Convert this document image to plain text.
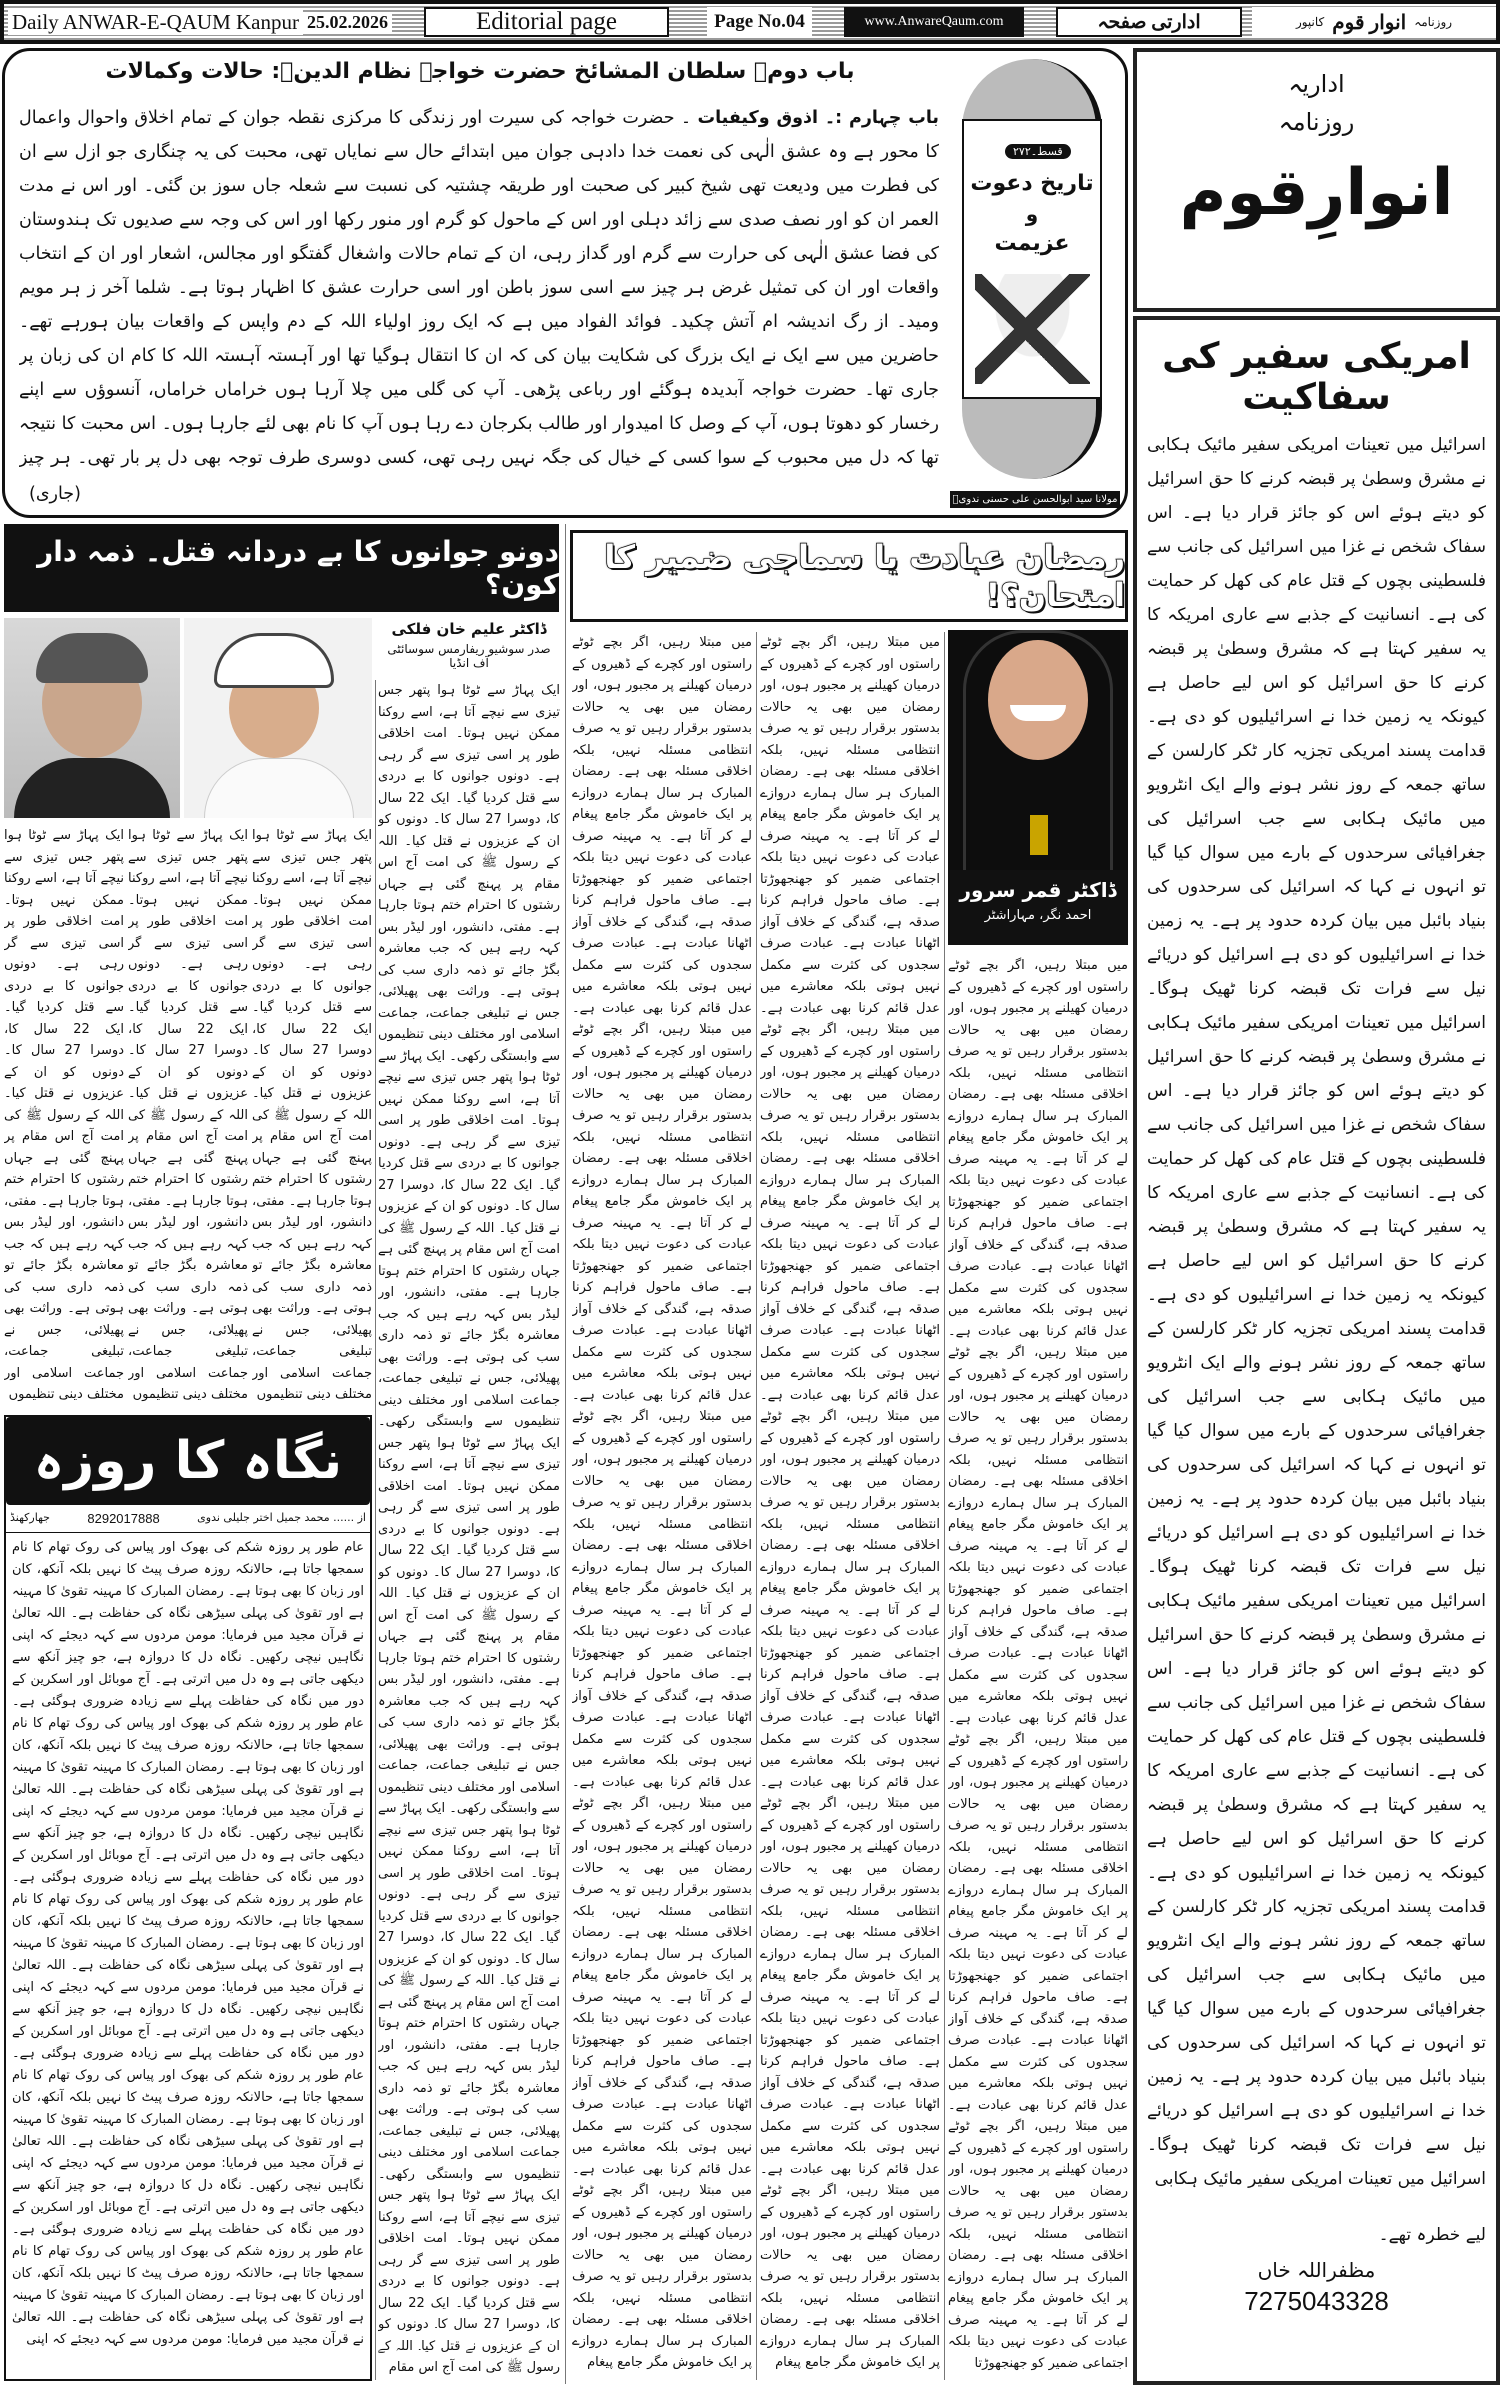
Daily ANWAR-E-QAUM Kanpur 25.02.2026	Editorial page	Page No.04	www.AnwareQaum.com	ادارتی صفحہ	روزنامہ
انوار قوم
کانپور
اداریہ
روزنامہ
انوارِقوم
امریکی سفیر کی سفاکیت
اسرائیل میں تعینات امریکی سفیر مائیک ہکابی نے مشرق وسطیٰ پر قبضہ کرنے کا حق اسرائیل کو دیتے ہوئے اس کو جائز قرار دیا ہے۔ اس سفاک شخص نے غزا میں اسرائیل کی جانب سے فلسطینی بچوں کے قتل عام کی کھل کر حمایت کی ہے۔ انسانیت کے جذبے سے عاری امریکہ کا یہ سفیر کہتا ہے کہ مشرق وسطیٰ پر قبضہ کرنے کا حق اسرائیل کو اس لیے حاصل ہے کیونکہ یہ زمین خدا نے اسرائیلیوں کو دی ہے۔ قدامت پسند امریکی تجزیہ کار ٹکر کارلسن کے ساتھ جمعہ کے روز نشر ہونے والے ایک انٹرویو میں مائیک ہکابی سے جب اسرائیل کی جغرافیائی سرحدوں کے بارے میں سوال کیا گیا تو انہوں نے کہا کہ اسرائیل کی سرحدوں کی بنیاد بائبل میں بیان کردہ حدود پر ہے۔ یہ زمین خدا نے اسرائیلیوں کو دی ہے اسرائیل کو دریائے نیل سے فرات تک قبضہ کرنا ٹھیک ہوگا۔ اسرائیل میں تعینات امریکی سفیر مائیک ہکابی نے مشرق وسطیٰ پر قبضہ کرنے کا حق اسرائیل کو دیتے ہوئے اس کو جائز قرار دیا ہے۔ اس سفاک شخص نے غزا میں اسرائیل کی جانب سے فلسطینی بچوں کے قتل عام کی کھل کر حمایت کی ہے۔ انسانیت کے جذبے سے عاری امریکہ کا یہ سفیر کہتا ہے کہ مشرق وسطیٰ پر قبضہ کرنے کا حق اسرائیل کو اس لیے حاصل ہے کیونکہ یہ زمین خدا نے اسرائیلیوں کو دی ہے۔ قدامت پسند امریکی تجزیہ کار ٹکر کارلسن کے ساتھ جمعہ کے روز نشر ہونے والے ایک انٹرویو میں مائیک ہکابی سے جب اسرائیل کی جغرافیائی سرحدوں کے بارے میں سوال کیا گیا تو انہوں نے کہا کہ اسرائیل کی سرحدوں کی بنیاد بائبل میں بیان کردہ حدود پر ہے۔ یہ زمین خدا نے اسرائیلیوں کو دی ہے اسرائیل کو دریائے نیل سے فرات تک قبضہ کرنا ٹھیک ہوگا۔ اسرائیل میں تعینات امریکی سفیر مائیک ہکابی نے مشرق وسطیٰ پر قبضہ کرنے کا حق اسرائیل کو دیتے ہوئے اس کو جائز قرار دیا ہے۔ اس سفاک شخص نے غزا میں اسرائیل کی جانب سے فلسطینی بچوں کے قتل عام کی کھل کر حمایت کی ہے۔ انسانیت کے جذبے سے عاری امریکہ کا یہ سفیر کہتا ہے کہ مشرق وسطیٰ پر قبضہ کرنے کا حق اسرائیل کو اس لیے حاصل ہے کیونکہ یہ زمین خدا نے اسرائیلیوں کو دی ہے۔ قدامت پسند امریکی تجزیہ کار ٹکر کارلسن کے ساتھ جمعہ کے روز نشر ہونے والے ایک انٹرویو میں مائیک ہکابی سے جب اسرائیل کی جغرافیائی سرحدوں کے بارے میں سوال کیا گیا تو انہوں نے کہا کہ اسرائیل کی سرحدوں کی بنیاد بائبل میں بیان کردہ حدود پر ہے۔ یہ زمین خدا نے اسرائیلیوں کو دی ہے اسرائیل کو دریائے نیل سے فرات تک قبضہ کرنا ٹھیک ہوگا۔ اسرائیل میں تعینات امریکی سفیر مائیک ہکابی
لیے خطرہ تھے۔
مظفراللہ خاں
7275043328
باب دوم۔ سلطان المشائخ حضرت خواجہ نظام الدینؒ: حالات وکمالات
باب چہارم :۔ اذوق وکیفیات ۔ حضرت خواجہ کی سیرت اور زندگی کا مرکزی نقطہ جوان کے تمام اخلاق واحوال واعمال کا محور ہے وہ عشق الٰہی کی نعمت خدا دادہی جوان میں ابتدائے حال سے نمایاں تھی، محبت کی یہ چنگاری جو ازل سے ان کی فطرت میں ودیعت تھی شیخ کبیر کی صحبت اور طریقہ چشتیہ کی نسبت سے شعلہ جاں سوز بن گئی۔ اور اس نے مدت العمر ان کو اور نصف صدی سے زائد دہلی اور اس کے ماحول کو گرم اور منور رکھا اور اس کی وجہ سے صدیوں تک ہندوستان کی فضا عشق الٰہی کی حرارت سے گرم اور گداز رہی، ان کے تمام حالات واشغال گفتگو اور مجالس، اشعار اور ان کے انتخاب واقعات اور ان کی تمثیل غرض ہر چیز سے اسی سوز باطن اور اسی حرارت عشق کا اظہار ہوتا ہے۔ شلما آخر ز ہر مویم ومید۔ از رگ اندیشہ ام آتش چکید۔ فوائد الفواد میں ہے کہ ایک روز اولیاء اللہ کے دم واپس کے واقعات بیان ہورہے تھے۔ حاضرین میں سے ایک نے ایک بزرگ کی شکایت بیان کی کہ ان کا انتقال ہوگیا تھا اور آہستہ آہستہ اللہ کا کام ان کی زبان پر جاری تھا۔ حضرت خواجہ آبدیدہ ہوگئے اور رباعی پڑھی۔ آپ کی گلی میں چلا آرہا ہوں خراماں خراماں، آنسوؤں سے اپنے رخسار کو دھوتا ہوں، آپ کے وصل کا امیدوار اور طالب بکرجان دے رہا ہوں آپ کا نام بھی لئے جارہا ہوں۔ اس محبت کا نتیجہ تھا کہ دل میں محبوب کے سوا کسی کے خیال کی جگہ نہیں رہی تھی، کسی دوسری طرف توجہ بھی دل پر بار تھی۔ ہر چیز
(جاری)
قسط۔۲۷۲
تاریخ دعوت
و
عزیمت
مولانا سید ابوالحسن علی حسنی ندویؒ
دونو جوانوں کا بے دردانہ قتل۔ ذمہ دار کون؟
ڈاکٹر علیم خان فلکی
صدر سوشیو ریفارمس سوسائٹی آف انڈیا
ایک پہاڑ سے ٹوٹا ہوا پتھر جس تیزی سے نیچے آتا ہے، اسے روکنا ممکن نہیں ہوتا۔ امت اخلاقی طور پر اسی تیزی سے گر رہی ہے۔ دونوں جوانوں کا بے دردی سے قتل کردیا گیا۔ ایک 22 سال کا، دوسرا 27 سال کا۔ دونوں کو ان کے عزیزوں نے قتل کیا۔ اللہ کے رسول ﷺ کی امت آج اس مقام پر پہنچ گئی ہے جہاں رشتوں کا احترام ختم ہوتا جارہا ہے۔ مفتی، دانشور، اور لیڈر بس کہہ رہے ہیں کہ جب معاشرہ بگڑ جائے تو ذمہ داری سب کی ہوتی ہے۔ وراثت بھی پھیلائی، جس نے تبلیغی جماعت، جماعت اسلامی اور مختلف دینی تنظیموں سے وابستگی رکھی۔ ایک پہاڑ سے ٹوٹا ہوا پتھر جس تیزی سے نیچے آتا ہے، اسے روکنا ممکن نہیں ہوتا۔ امت اخلاقی طور پر اسی تیزی سے گر رہی ہے۔ دونوں جوانوں کا بے دردی سے قتل کردیا گیا۔ ایک 22 سال کا، دوسرا 27 سال کا۔ دونوں کو ان کے عزیزوں نے قتل کیا۔ اللہ کے رسول ﷺ کی امت آج اس مقام پر پہنچ گئی ہے جہاں رشتوں کا احترام ختم ہوتا جارہا ہے۔ مفتی، دانشور، اور لیڈر بس کہہ رہے ہیں کہ جب معاشرہ بگڑ جائے تو ذمہ داری سب کی ہوتی ہے۔ وراثت بھی پھیلائی، جس نے تبلیغی جماعت، جماعت اسلامی اور مختلف دینی تنظیموں سے وابستگی رکھی۔ ایک پہاڑ سے ٹوٹا ہوا پتھر جس تیزی سے نیچے آتا ہے، اسے روکنا ممکن نہیں ہوتا۔ امت اخلاقی طور پر اسی تیزی سے گر رہی ہے۔ دونوں جوانوں کا بے دردی سے قتل کردیا گیا۔ ایک 22 سال کا، دوسرا 27 سال کا۔ دونوں کو ان کے عزیزوں نے قتل کیا۔ اللہ کے رسول ﷺ کی امت آج اس مقام پر پہنچ گئی ہے جہاں رشتوں کا احترام ختم ہوتا جارہا ہے۔ مفتی، دانشور، اور لیڈر بس کہہ رہے ہیں کہ جب معاشرہ بگڑ جائے تو ذمہ داری سب کی ہوتی ہے۔ وراثت بھی پھیلائی، جس نے تبلیغی جماعت، جماعت اسلامی اور مختلف دینی تنظیموں سے وابستگی رکھی۔ ایک پہاڑ سے ٹوٹا ہوا پتھر جس تیزی سے نیچے آتا ہے، اسے روکنا ممکن نہیں ہوتا۔ امت اخلاقی طور پر اسی تیزی سے گر رہی ہے۔ دونوں جوانوں کا بے دردی سے قتل کردیا گیا۔ ایک 22 سال کا، دوسرا 27 سال کا۔ دونوں کو ان کے عزیزوں نے قتل کیا۔ اللہ کے رسول ﷺ کی امت آج اس مقام پر پہنچ گئی ہے جہاں رشتوں کا احترام ختم ہوتا جارہا ہے۔ مفتی، دانشور، اور لیڈر بس کہہ رہے ہیں کہ جب معاشرہ بگڑ جائے تو ذمہ داری سب کی ہوتی ہے۔ وراثت بھی پھیلائی، جس نے تبلیغی جماعت، جماعت اسلامی اور مختلف دینی تنظیموں سے وابستگی رکھی۔ ایک پہاڑ سے ٹوٹا ہوا پتھر جس تیزی سے نیچے آتا ہے، اسے روکنا ممکن نہیں ہوتا۔ امت اخلاقی طور پر اسی تیزی سے گر رہی ہے۔ دونوں جوانوں کا بے دردی سے قتل کردیا گیا۔ ایک 22 سال کا، دوسرا 27 سال کا۔ دونوں کو ان کے عزیزوں نے قتل کیا۔ اللہ کے رسول ﷺ کی امت آج اس مقام
ایک پہاڑ سے ٹوٹا ہوا پتھر جس تیزی سے نیچے آتا ہے، اسے روکنا ممکن نہیں ہوتا۔ امت اخلاقی طور پر اسی تیزی سے گر رہی ہے۔ دونوں جوانوں کا بے دردی سے قتل کردیا گیا۔ ایک 22 سال کا، دوسرا 27 سال کا۔ دونوں کو ان کے عزیزوں نے قتل کیا۔ اللہ کے رسول ﷺ کی امت آج اس مقام پر پہنچ گئی ہے جہاں رشتوں کا احترام ختم ہوتا جارہا ہے۔ مفتی، دانشور، اور لیڈر بس کہہ رہے ہیں کہ جب معاشرہ بگڑ جائے تو ذمہ داری سب کی ہوتی ہے۔ وراثت بھی پھیلائی، جس نے تبلیغی جماعت، جماعت اسلامی اور مختلف دینی تنظیموں
ایک پہاڑ سے ٹوٹا ہوا پتھر جس تیزی سے نیچے آتا ہے، اسے روکنا ممکن نہیں ہوتا۔ امت اخلاقی طور پر اسی تیزی سے گر رہی ہے۔ دونوں جوانوں کا بے دردی سے قتل کردیا گیا۔ ایک 22 سال کا، دوسرا 27 سال کا۔ دونوں کو ان کے عزیزوں نے قتل کیا۔ اللہ کے رسول ﷺ کی امت آج اس مقام پر پہنچ گئی ہے جہاں رشتوں کا احترام ختم ہوتا جارہا ہے۔ مفتی، دانشور، اور لیڈر بس کہہ رہے ہیں کہ جب معاشرہ بگڑ جائے تو ذمہ داری سب کی ہوتی ہے۔ وراثت بھی پھیلائی، جس نے تبلیغی جماعت، جماعت اسلامی اور مختلف دینی تنظیموں
ایک پہاڑ سے ٹوٹا ہوا پتھر جس تیزی سے نیچے آتا ہے، اسے روکنا ممکن نہیں ہوتا۔ امت اخلاقی طور پر اسی تیزی سے گر رہی ہے۔ دونوں جوانوں کا بے دردی سے قتل کردیا گیا۔ ایک 22 سال کا، دوسرا 27 سال کا۔ دونوں کو ان کے عزیزوں نے قتل کیا۔ اللہ کے رسول ﷺ کی امت آج اس مقام پر پہنچ گئی ہے جہاں رشتوں کا احترام ختم ہوتا جارہا ہے۔ مفتی، دانشور، اور لیڈر بس کہہ رہے ہیں کہ جب معاشرہ بگڑ جائے تو ذمہ داری سب کی ہوتی ہے۔ وراثت بھی پھیلائی، جس نے تبلیغی جماعت، جماعت اسلامی اور مختلف دینی تنظیموں
نگاہ کا روزہ
از ...... محمد جمیل اختر جلیلی ندوی
8292017888
جھارکھنڈ
عام طور پر روزہ شکم کی بھوک اور پیاس کی روک تھام کا نام سمجھا جاتا ہے، حالانکہ روزہ صرف پیٹ کا نہیں بلکہ آنکھ، کان اور زبان کا بھی ہوتا ہے۔ رمضان المبارک کا مہینہ تقویٰ کا مہینہ ہے اور تقویٰ کی پہلی سیڑھی نگاہ کی حفاظت ہے۔ اللہ تعالیٰ نے قرآن مجید میں فرمایا: مومن مردوں سے کہہ دیجئے کہ اپنی نگاہیں نیچی رکھیں۔ نگاہ دل کا دروازہ ہے، جو چیز آنکھ سے دیکھی جاتی ہے وہ دل میں اترتی ہے۔ آج موبائل اور اسکرین کے دور میں نگاہ کی حفاظت پہلے سے زیادہ ضروری ہوگئی ہے۔ عام طور پر روزہ شکم کی بھوک اور پیاس کی روک تھام کا نام سمجھا جاتا ہے، حالانکہ روزہ صرف پیٹ کا نہیں بلکہ آنکھ، کان اور زبان کا بھی ہوتا ہے۔ رمضان المبارک کا مہینہ تقویٰ کا مہینہ ہے اور تقویٰ کی پہلی سیڑھی نگاہ کی حفاظت ہے۔ اللہ تعالیٰ نے قرآن مجید میں فرمایا: مومن مردوں سے کہہ دیجئے کہ اپنی نگاہیں نیچی رکھیں۔ نگاہ دل کا دروازہ ہے، جو چیز آنکھ سے دیکھی جاتی ہے وہ دل میں اترتی ہے۔ آج موبائل اور اسکرین کے دور میں نگاہ کی حفاظت پہلے سے زیادہ ضروری ہوگئی ہے۔ عام طور پر روزہ شکم کی بھوک اور پیاس کی روک تھام کا نام سمجھا جاتا ہے، حالانکہ روزہ صرف پیٹ کا نہیں بلکہ آنکھ، کان اور زبان کا بھی ہوتا ہے۔ رمضان المبارک کا مہینہ تقویٰ کا مہینہ ہے اور تقویٰ کی پہلی سیڑھی نگاہ کی حفاظت ہے۔ اللہ تعالیٰ نے قرآن مجید میں فرمایا: مومن مردوں سے کہہ دیجئے کہ اپنی نگاہیں نیچی رکھیں۔ نگاہ دل کا دروازہ ہے، جو چیز آنکھ سے دیکھی جاتی ہے وہ دل میں اترتی ہے۔ آج موبائل اور اسکرین کے دور میں نگاہ کی حفاظت پہلے سے زیادہ ضروری ہوگئی ہے۔ عام طور پر روزہ شکم کی بھوک اور پیاس کی روک تھام کا نام سمجھا جاتا ہے، حالانکہ روزہ صرف پیٹ کا نہیں بلکہ آنکھ، کان اور زبان کا بھی ہوتا ہے۔ رمضان المبارک کا مہینہ تقویٰ کا مہینہ ہے اور تقویٰ کی پہلی سیڑھی نگاہ کی حفاظت ہے۔ اللہ تعالیٰ نے قرآن مجید میں فرمایا: مومن مردوں سے کہہ دیجئے کہ اپنی نگاہیں نیچی رکھیں۔ نگاہ دل کا دروازہ ہے، جو چیز آنکھ سے دیکھی جاتی ہے وہ دل میں اترتی ہے۔ آج موبائل اور اسکرین کے دور میں نگاہ کی حفاظت پہلے سے زیادہ ضروری ہوگئی ہے۔ عام طور پر روزہ شکم کی بھوک اور پیاس کی روک تھام کا نام سمجھا جاتا ہے، حالانکہ روزہ صرف پیٹ کا نہیں بلکہ آنکھ، کان اور زبان کا بھی ہوتا ہے۔ رمضان المبارک کا مہینہ تقویٰ کا مہینہ ہے اور تقویٰ کی پہلی سیڑھی نگاہ کی حفاظت ہے۔ اللہ تعالیٰ نے قرآن مجید میں فرمایا: مومن مردوں سے کہہ دیجئے کہ اپنی
رمضان عبادت یا سماجی ضمیر کا امتحان؟!
ڈاکٹر قمر سرور
احمد نگر، مہاراشٹر
میں مبتلا رہیں، اگر بچے ٹوٹے راستوں اور کچرے کے ڈھیروں کے درمیان کھیلنے پر مجبور ہوں، اور رمضان میں بھی یہ حالات بدستور برقرار رہیں تو یہ صرف انتظامی مسئلہ نہیں، بلکہ اخلاقی مسئلہ بھی ہے۔ رمضان المبارک ہر سال ہمارے دروازے پر ایک خاموش مگر جامع پیغام لے کر آتا ہے۔ یہ مہینہ صرف عبادت کی دعوت نہیں دیتا بلکہ اجتماعی ضمیر کو جھنجھوڑتا ہے۔ صاف ماحول فراہم کرنا صدقہ ہے، گندگی کے خلاف آواز اٹھانا عبادت ہے۔ عبادت صرف سجدوں کی کثرت سے مکمل نہیں ہوتی بلکہ معاشرے میں عدل قائم کرنا بھی عبادت ہے۔ میں مبتلا رہیں، اگر بچے ٹوٹے راستوں اور کچرے کے ڈھیروں کے درمیان کھیلنے پر مجبور ہوں، اور رمضان میں بھی یہ حالات بدستور برقرار رہیں تو یہ صرف انتظامی مسئلہ نہیں، بلکہ اخلاقی مسئلہ بھی ہے۔ رمضان المبارک ہر سال ہمارے دروازے پر ایک خاموش مگر جامع پیغام لے کر آتا ہے۔ یہ مہینہ صرف عبادت کی دعوت نہیں دیتا بلکہ اجتماعی ضمیر کو جھنجھوڑتا ہے۔ صاف ماحول فراہم کرنا صدقہ ہے، گندگی کے خلاف آواز اٹھانا عبادت ہے۔ عبادت صرف سجدوں کی کثرت سے مکمل نہیں ہوتی بلکہ معاشرے میں عدل قائم کرنا بھی عبادت ہے۔ میں مبتلا رہیں، اگر بچے ٹوٹے راستوں اور کچرے کے ڈھیروں کے درمیان کھیلنے پر مجبور ہوں، اور رمضان میں بھی یہ حالات بدستور برقرار رہیں تو یہ صرف انتظامی مسئلہ نہیں، بلکہ اخلاقی مسئلہ بھی ہے۔ رمضان المبارک ہر سال ہمارے دروازے پر ایک خاموش مگر جامع پیغام لے کر آتا ہے۔ یہ مہینہ صرف عبادت کی دعوت نہیں دیتا بلکہ اجتماعی ضمیر کو جھنجھوڑتا ہے۔ صاف ماحول فراہم کرنا صدقہ ہے، گندگی کے خلاف آواز اٹھانا عبادت ہے۔ عبادت صرف سجدوں کی کثرت سے مکمل نہیں ہوتی بلکہ معاشرے میں عدل قائم کرنا بھی عبادت ہے۔ میں مبتلا رہیں، اگر بچے ٹوٹے راستوں اور کچرے کے ڈھیروں کے درمیان کھیلنے پر مجبور ہوں، اور رمضان میں بھی یہ حالات بدستور برقرار رہیں تو یہ صرف انتظامی مسئلہ نہیں، بلکہ اخلاقی مسئلہ بھی ہے۔ رمضان المبارک ہر سال ہمارے دروازے پر ایک خاموش مگر جامع پیغام لے کر آتا ہے۔ یہ مہینہ صرف عبادت کی دعوت نہیں دیتا بلکہ اجتماعی ضمیر کو جھنجھوڑتا
میں مبتلا رہیں، اگر بچے ٹوٹے راستوں اور کچرے کے ڈھیروں کے درمیان کھیلنے پر مجبور ہوں، اور رمضان میں بھی یہ حالات بدستور برقرار رہیں تو یہ صرف انتظامی مسئلہ نہیں، بلکہ اخلاقی مسئلہ بھی ہے۔ رمضان المبارک ہر سال ہمارے دروازے پر ایک خاموش مگر جامع پیغام لے کر آتا ہے۔ یہ مہینہ صرف عبادت کی دعوت نہیں دیتا بلکہ اجتماعی ضمیر کو جھنجھوڑتا ہے۔ صاف ماحول فراہم کرنا صدقہ ہے، گندگی کے خلاف آواز اٹھانا عبادت ہے۔ عبادت صرف سجدوں کی کثرت سے مکمل نہیں ہوتی بلکہ معاشرے میں عدل قائم کرنا بھی عبادت ہے۔ میں مبتلا رہیں، اگر بچے ٹوٹے راستوں اور کچرے کے ڈھیروں کے درمیان کھیلنے پر مجبور ہوں، اور رمضان میں بھی یہ حالات بدستور برقرار رہیں تو یہ صرف انتظامی مسئلہ نہیں، بلکہ اخلاقی مسئلہ بھی ہے۔ رمضان المبارک ہر سال ہمارے دروازے پر ایک خاموش مگر جامع پیغام لے کر آتا ہے۔ یہ مہینہ صرف عبادت کی دعوت نہیں دیتا بلکہ اجتماعی ضمیر کو جھنجھوڑتا ہے۔ صاف ماحول فراہم کرنا صدقہ ہے، گندگی کے خلاف آواز اٹھانا عبادت ہے۔ عبادت صرف سجدوں کی کثرت سے مکمل نہیں ہوتی بلکہ معاشرے میں عدل قائم کرنا بھی عبادت ہے۔ میں مبتلا رہیں، اگر بچے ٹوٹے راستوں اور کچرے کے ڈھیروں کے درمیان کھیلنے پر مجبور ہوں، اور رمضان میں بھی یہ حالات بدستور برقرار رہیں تو یہ صرف انتظامی مسئلہ نہیں، بلکہ اخلاقی مسئلہ بھی ہے۔ رمضان المبارک ہر سال ہمارے دروازے پر ایک خاموش مگر جامع پیغام لے کر آتا ہے۔ یہ مہینہ صرف عبادت کی دعوت نہیں دیتا بلکہ اجتماعی ضمیر کو جھنجھوڑتا ہے۔ صاف ماحول فراہم کرنا صدقہ ہے، گندگی کے خلاف آواز اٹھانا عبادت ہے۔ عبادت صرف سجدوں کی کثرت سے مکمل نہیں ہوتی بلکہ معاشرے میں عدل قائم کرنا بھی عبادت ہے۔ میں مبتلا رہیں، اگر بچے ٹوٹے راستوں اور کچرے کے ڈھیروں کے درمیان کھیلنے پر مجبور ہوں، اور رمضان میں بھی یہ حالات بدستور برقرار رہیں تو یہ صرف انتظامی مسئلہ نہیں، بلکہ اخلاقی مسئلہ بھی ہے۔ رمضان المبارک ہر سال ہمارے دروازے پر ایک خاموش مگر جامع پیغام لے کر آتا ہے۔ یہ مہینہ صرف عبادت کی دعوت نہیں دیتا بلکہ اجتماعی ضمیر کو جھنجھوڑتا ہے۔ صاف ماحول فراہم کرنا صدقہ ہے، گندگی کے خلاف آواز اٹھانا عبادت ہے۔ عبادت صرف سجدوں کی کثرت سے مکمل نہیں ہوتی بلکہ معاشرے میں عدل قائم کرنا بھی عبادت ہے۔ میں مبتلا رہیں، اگر بچے ٹوٹے راستوں اور کچرے کے ڈھیروں کے درمیان کھیلنے پر مجبور ہوں، اور رمضان میں بھی یہ حالات بدستور برقرار رہیں تو یہ صرف انتظامی مسئلہ نہیں، بلکہ اخلاقی مسئلہ بھی ہے۔ رمضان المبارک ہر سال ہمارے دروازے پر ایک خاموش مگر جامع پیغام
میں مبتلا رہیں، اگر بچے ٹوٹے راستوں اور کچرے کے ڈھیروں کے درمیان کھیلنے پر مجبور ہوں، اور رمضان میں بھی یہ حالات بدستور برقرار رہیں تو یہ صرف انتظامی مسئلہ نہیں، بلکہ اخلاقی مسئلہ بھی ہے۔ رمضان المبارک ہر سال ہمارے دروازے پر ایک خاموش مگر جامع پیغام لے کر آتا ہے۔ یہ مہینہ صرف عبادت کی دعوت نہیں دیتا بلکہ اجتماعی ضمیر کو جھنجھوڑتا ہے۔ صاف ماحول فراہم کرنا صدقہ ہے، گندگی کے خلاف آواز اٹھانا عبادت ہے۔ عبادت صرف سجدوں کی کثرت سے مکمل نہیں ہوتی بلکہ معاشرے میں عدل قائم کرنا بھی عبادت ہے۔ میں مبتلا رہیں، اگر بچے ٹوٹے راستوں اور کچرے کے ڈھیروں کے درمیان کھیلنے پر مجبور ہوں، اور رمضان میں بھی یہ حالات بدستور برقرار رہیں تو یہ صرف انتظامی مسئلہ نہیں، بلکہ اخلاقی مسئلہ بھی ہے۔ رمضان المبارک ہر سال ہمارے دروازے پر ایک خاموش مگر جامع پیغام لے کر آتا ہے۔ یہ مہینہ صرف عبادت کی دعوت نہیں دیتا بلکہ اجتماعی ضمیر کو جھنجھوڑتا ہے۔ صاف ماحول فراہم کرنا صدقہ ہے، گندگی کے خلاف آواز اٹھانا عبادت ہے۔ عبادت صرف سجدوں کی کثرت سے مکمل نہیں ہوتی بلکہ معاشرے میں عدل قائم کرنا بھی عبادت ہے۔ میں مبتلا رہیں، اگر بچے ٹوٹے راستوں اور کچرے کے ڈھیروں کے درمیان کھیلنے پر مجبور ہوں، اور رمضان میں بھی یہ حالات بدستور برقرار رہیں تو یہ صرف انتظامی مسئلہ نہیں، بلکہ اخلاقی مسئلہ بھی ہے۔ رمضان المبارک ہر سال ہمارے دروازے پر ایک خاموش مگر جامع پیغام لے کر آتا ہے۔ یہ مہینہ صرف عبادت کی دعوت نہیں دیتا بلکہ اجتماعی ضمیر کو جھنجھوڑتا ہے۔ صاف ماحول فراہم کرنا صدقہ ہے، گندگی کے خلاف آواز اٹھانا عبادت ہے۔ عبادت صرف سجدوں کی کثرت سے مکمل نہیں ہوتی بلکہ معاشرے میں عدل قائم کرنا بھی عبادت ہے۔ میں مبتلا رہیں، اگر بچے ٹوٹے راستوں اور کچرے کے ڈھیروں کے درمیان کھیلنے پر مجبور ہوں، اور رمضان میں بھی یہ حالات بدستور برقرار رہیں تو یہ صرف انتظامی مسئلہ نہیں، بلکہ اخلاقی مسئلہ بھی ہے۔ رمضان المبارک ہر سال ہمارے دروازے پر ایک خاموش مگر جامع پیغام لے کر آتا ہے۔ یہ مہینہ صرف عبادت کی دعوت نہیں دیتا بلکہ اجتماعی ضمیر کو جھنجھوڑتا ہے۔ صاف ماحول فراہم کرنا صدقہ ہے، گندگی کے خلاف آواز اٹھانا عبادت ہے۔ عبادت صرف سجدوں کی کثرت سے مکمل نہیں ہوتی بلکہ معاشرے میں عدل قائم کرنا بھی عبادت ہے۔ میں مبتلا رہیں، اگر بچے ٹوٹے راستوں اور کچرے کے ڈھیروں کے درمیان کھیلنے پر مجبور ہوں، اور رمضان میں بھی یہ حالات بدستور برقرار رہیں تو یہ صرف انتظامی مسئلہ نہیں، بلکہ اخلاقی مسئلہ بھی ہے۔ رمضان المبارک ہر سال ہمارے دروازے پر ایک خاموش مگر جامع پیغام
